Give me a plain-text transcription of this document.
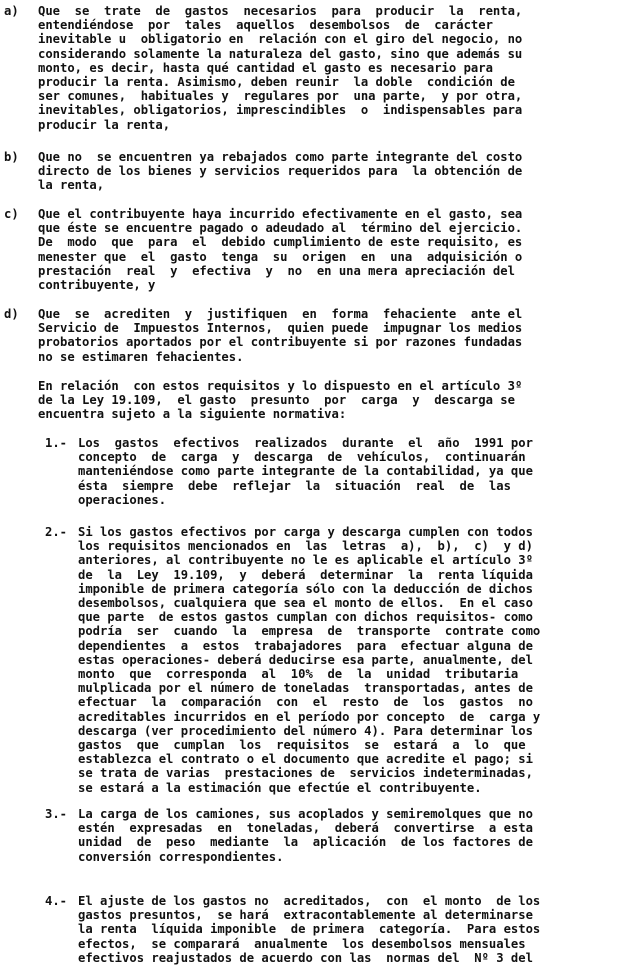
a) Que  se  trate  de  gastos  necesarios  para  producir  la  renta,
entendiéndose  por  tales  aquellos  desembolsos  de  carácter
inevitable u  obligatorio en  relación con el giro del negocio, no
considerando solamente la naturaleza del gasto, sino que además su
monto, es decir, hasta qué cantidad el gasto es necesario para
producir la renta. Asimismo, deben reunir  la doble  condición de
ser comunes,  habituales y  regulares por  una parte,  y por otra,
inevitables, obligatorios, imprescindibles  o  indispensables para
producir la renta,
b) Que no  se encuentren ya rebajados como parte integrante del costo
directo de los bienes y servicios requeridos para  la obtención de
la renta,
c) Que el contribuyente haya incurrido efectivamente en el gasto, sea
que éste se encuentre pagado o adeudado al  término del ejercicio.
De  modo  que  para  el  debido cumplimiento de este requisito, es
menester que  el  gasto  tenga  su  origen  en  una  adquisición o
prestación  real  y  efectiva  y  no  en una mera apreciación del
contribuyente, y
d) Que  se  acrediten  y  justifiquen  en  forma  fehaciente  ante el
Servicio de  Impuestos Internos,  quien puede  impugnar los medios
probatorios aportados por el contribuyente si por razones fundadas
no se estimaren fehacientes.
En relación  con estos requisitos y lo dispuesto en el artículo 3º
de la Ley 19.109,  el gasto  presunto  por  carga  y  descarga se
encuentra sujeto a la siguiente normativa:
1.- Los  gastos  efectivos  realizados  durante  el  año  1991 por
concepto  de  carga  y  descarga  de  vehículos,  continuarán
manteniéndose como parte integrante de la contabilidad, ya que
ésta  siempre  debe  reflejar  la  situación  real  de  las
operaciones.
2.- Si los gastos efectivos por carga y descarga cumplen con todos
los requisitos mencionados en  las  letras  a),  b),  c)  y d)
anteriores, al contribuyente no le es aplicable el artículo 3º
de  la  Ley  19.109,  y  deberá  determinar  la  renta líquida
imponible de primera categoría sólo con la deducción de dichos
desembolsos, cualquiera que sea el monto de ellos.  En el caso
que parte  de estos gastos cumplan con dichos requisitos- como
podría  ser  cuando  la  empresa  de  transporte  contrate como
dependientes  a  estos  trabajadores  para  efectuar alguna de
estas operaciones- deberá deducirse esa parte, anualmente, del
monto  que  corresponda  al  10%  de  la  unidad  tributaria
mulplicada por el número de toneladas  transportadas, antes de
efectuar  la  comparación  con  el  resto  de  los  gastos  no
acreditables incurridos en el período por concepto  de  carga y
descarga (ver procedimiento del número 4). Para determinar los
gastos  que  cumplan  los  requisitos  se  estará  a  lo  que
establezca el contrato o el documento que acredite el pago; si
se trata de varias  prestaciones de  servicios indeterminadas,
se estará a la estimación que efectúe el contribuyente.
3.- La carga de los camiones, sus acoplados y semiremolques que no
estén  expresadas  en  toneladas,  deberá  convertirse  a esta
unidad  de  peso  mediante  la  aplicación  de los factores de
conversión correspondientes.
4.- El ajuste de los gastos no  acreditados,  con  el monto  de los
gastos presuntos,  se hará  extracontablemente al determinarse
la renta  líquida imponible  de primera  categoría.  Para estos
efectos,  se comparará  anualmente  los desembolsos mensuales
efectivos reajustados de acuerdo con las  normas del  Nº 3 del
